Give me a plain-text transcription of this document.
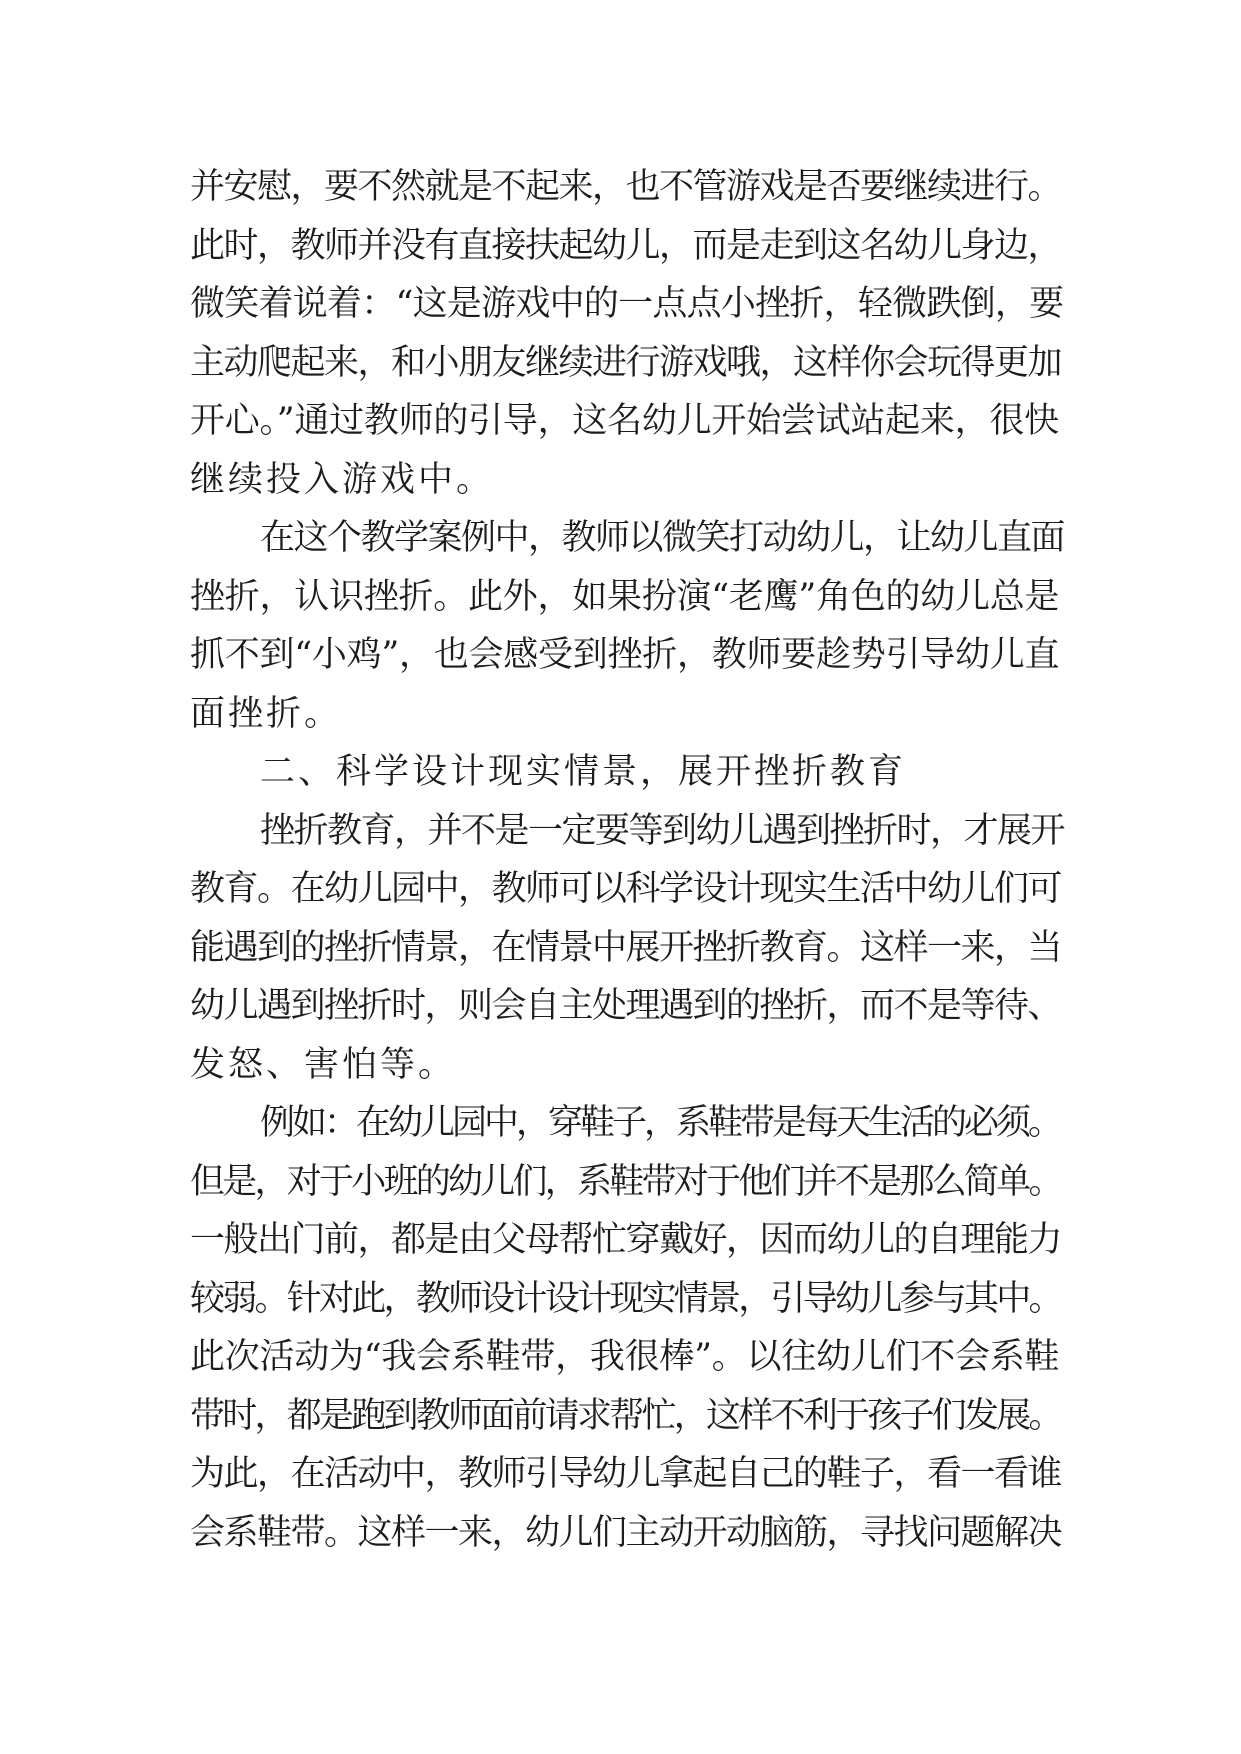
并安慰，要不然就是不起来，也不管游戏是否要继续进行。
此时，教师并没有直接扶起幼儿，而是走到这名幼儿身边，
微笑着说着：“这是游戏中的一点点小挫折，轻微跌倒，要
主动爬起来，和小朋友继续进行游戏哦，这样你会玩得更加
开心。”通过教师的引导，这名幼儿开始尝试站起来，很快
继续投入游戏中。
在这个教学案例中，教师以微笑打动幼儿，让幼儿直面
挫折，认识挫折。此外，如果扮演“老鹰”角色的幼儿总是
抓不到“小鸡”，也会感受到挫折，教师要趁势引导幼儿直
面挫折。
二、科学设计现实情景，展开挫折教育
挫折教育，并不是一定要等到幼儿遇到挫折时，才展开
教育。在幼儿园中，教师可以科学设计现实生活中幼儿们可
能遇到的挫折情景，在情景中展开挫折教育。这样一来，当
幼儿遇到挫折时，则会自主处理遇到的挫折，而不是等待、
发怒、害怕等。
例如：在幼儿园中，穿鞋子，系鞋带是每天生活的必须。
但是，对于小班的幼儿们，系鞋带对于他们并不是那么简单。
一般出门前，都是由父母帮忙穿戴好，因而幼儿的自理能力
较弱。针对此，教师设计设计现实情景，引导幼儿参与其中。
此次活动为“我会系鞋带，我很棒”。以往幼儿们不会系鞋
带时，都是跑到教师面前请求帮忙，这样不利于孩子们发展。
为此，在活动中，教师引导幼儿拿起自己的鞋子，看一看谁
会系鞋带。这样一来，幼儿们主动开动脑筋，寻找问题解决
